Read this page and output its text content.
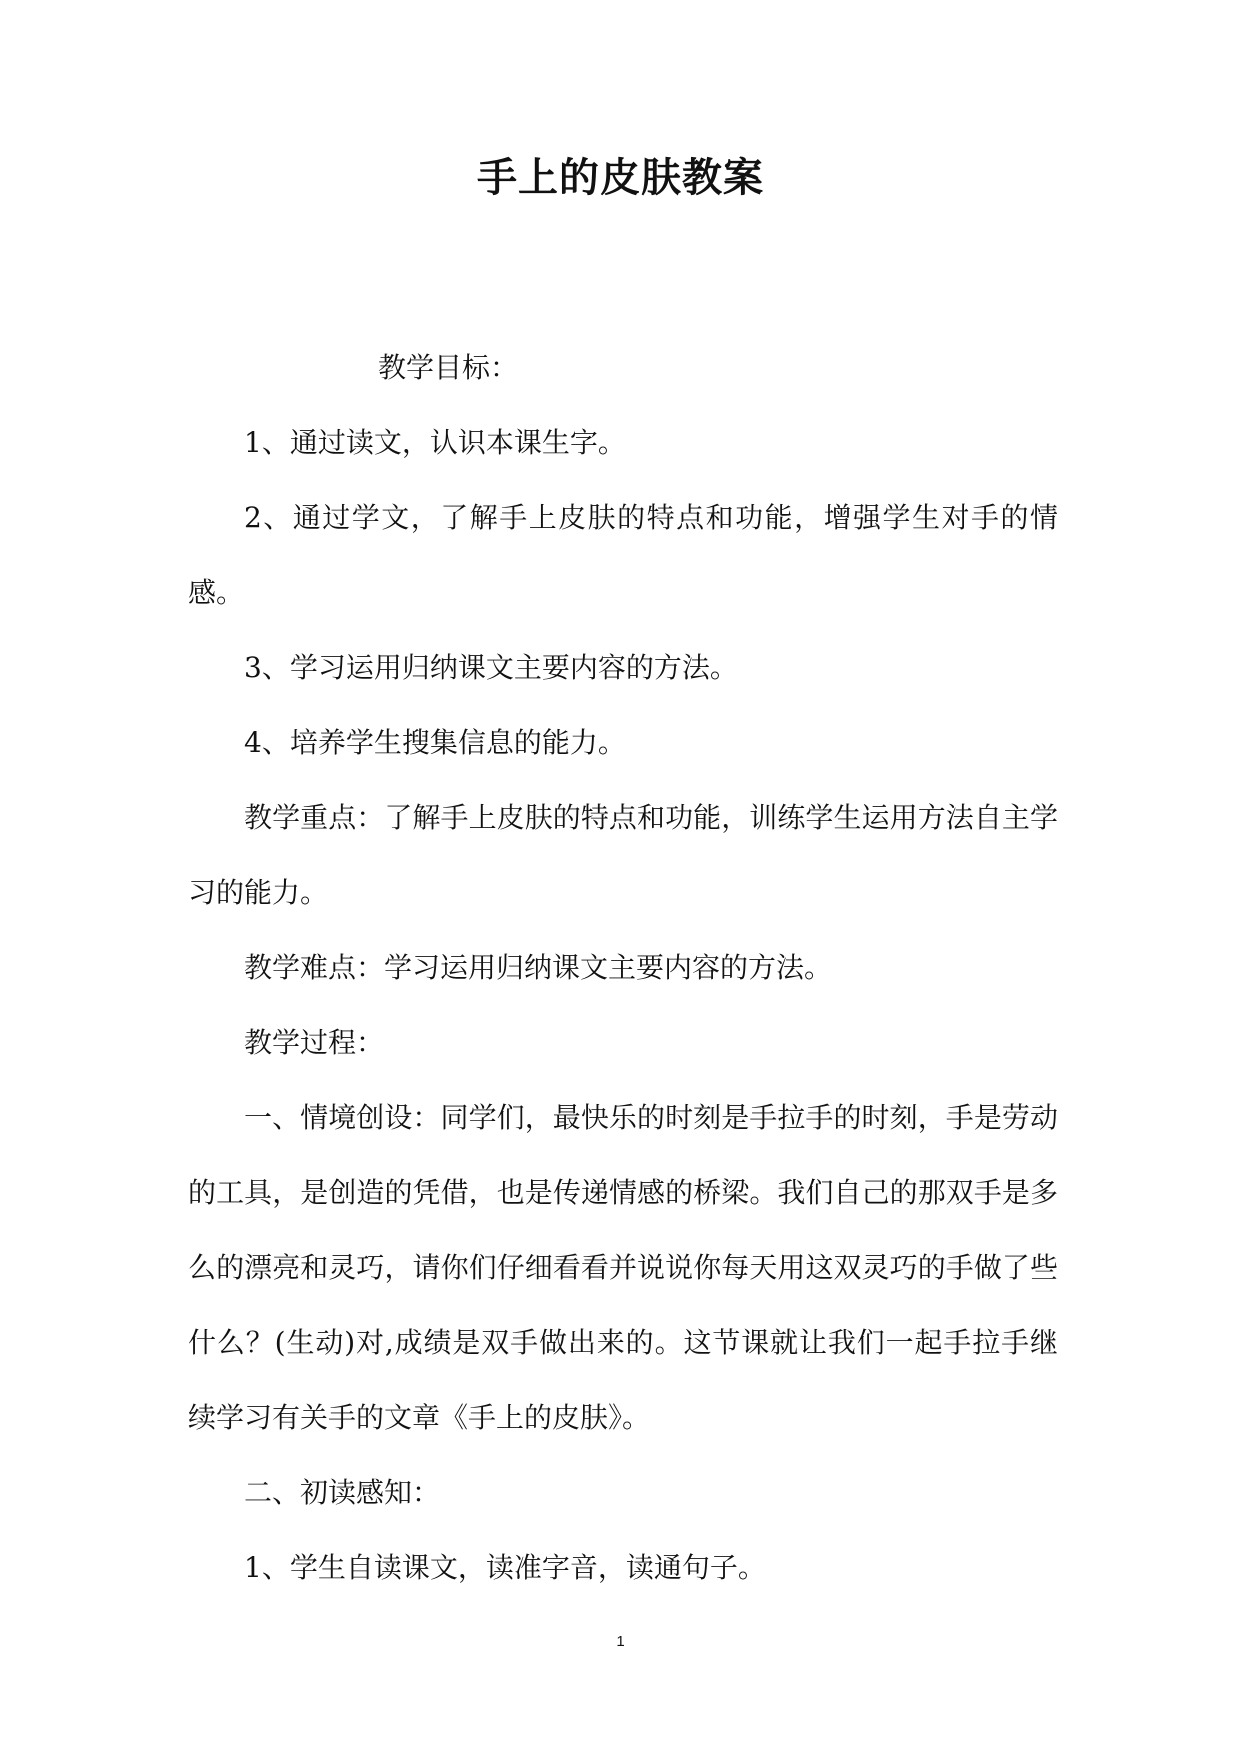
手上的皮肤教案

教学目标：

1、通过读文，认识本课生字。

2、通过学文，了解手上皮肤的特点和功能，增强学生对手的情感。

3、学习运用归纳课文主要内容的方法。

4、培养学生搜集信息的能力。

教学重点：了解手上皮肤的特点和功能，训练学生运用方法自主学习的能力。

教学难点：学习运用归纳课文主要内容的方法。

教学过程：

一、情境创设：同学们，最快乐的时刻是手拉手的时刻，手是劳动的工具，是创造的凭借，也是传递情感的桥梁。我们自己的那双手是多么的漂亮和灵巧，请你们仔细看看并说说你每天用这双灵巧的手做了些什么？(生动)对,成绩是双手做出来的。这节课就让我们一起手拉手继续学习有关手的文章《手上的皮肤》。

二、初读感知：

1、学生自读课文，读准字音，读通句子。

1
